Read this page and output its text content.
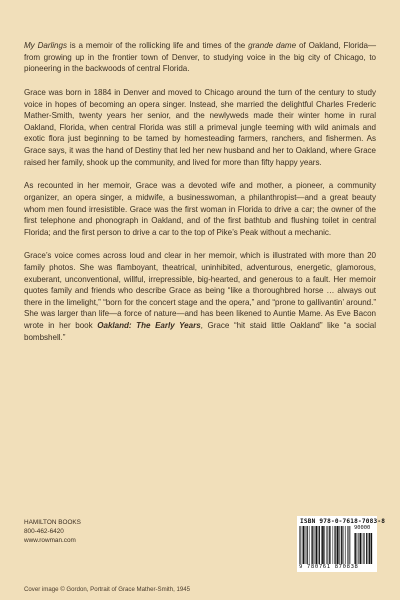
My Darlings is a memoir of the rollicking life and times of the grande dame of Oakland, Florida—from growing up in the frontier town of Denver, to studying voice in the big city of Chicago, to pioneering in the backwoods of central Florida.

Grace was born in 1884 in Denver and moved to Chicago around the turn of the century to study voice in hopes of becoming an opera singer. Instead, she married the delightful Charles Frederic Mather-Smith, twenty years her senior, and the newlyweds made their winter home in rural Oakland, Florida, when central Florida was still a primeval jungle teeming with wild animals and exotic flora just beginning to be tamed by homesteading farmers, ranchers, and fishermen. As Grace says, it was the hand of Destiny that led her new husband and her to Oakland, where Grace raised her family, shook up the community, and lived for more than fifty happy years.

As recounted in her memoir, Grace was a devoted wife and mother, a pioneer, a community organizer, an opera singer, a midwife, a businesswoman, a philanthropist—and a great beauty whom men found irresistible. Grace was the first woman in Florida to drive a car; the owner of the first telephone and phonograph in Oakland, and of the first bathtub and flushing toilet in central Florida; and the first person to drive a car to the top of Pike’s Peak without a mechanic.

Grace’s voice comes across loud and clear in her memoir, which is illustrated with more than 20 family photos. She was flamboyant, theatrical, uninhibited, adventurous, energetic, glamorous, exuberant, unconventional, willful, irrepressible, big-hearted, and generous to a fault. Her memoir quotes family and friends who describe Grace as being “like a thoroughbred horse … always out there in the limelight,” “born for the concert stage and the opera,” and “prone to gallivantin’ around.” She was larger than life—a force of nature—and has been likened to Auntie Mame. As Eve Bacon wrote in her book Oakland: The Early Years, Grace “hit staid little Oakland” like “a social bombshell.”

HAMILTON BOOKS
800-462-6420
www.rowman.com
ISBN 978-0-7618-7083-8
90000
9 780761 870838
Cover image © Gordon, Portrait of Grace Mather-Smith, 1945
